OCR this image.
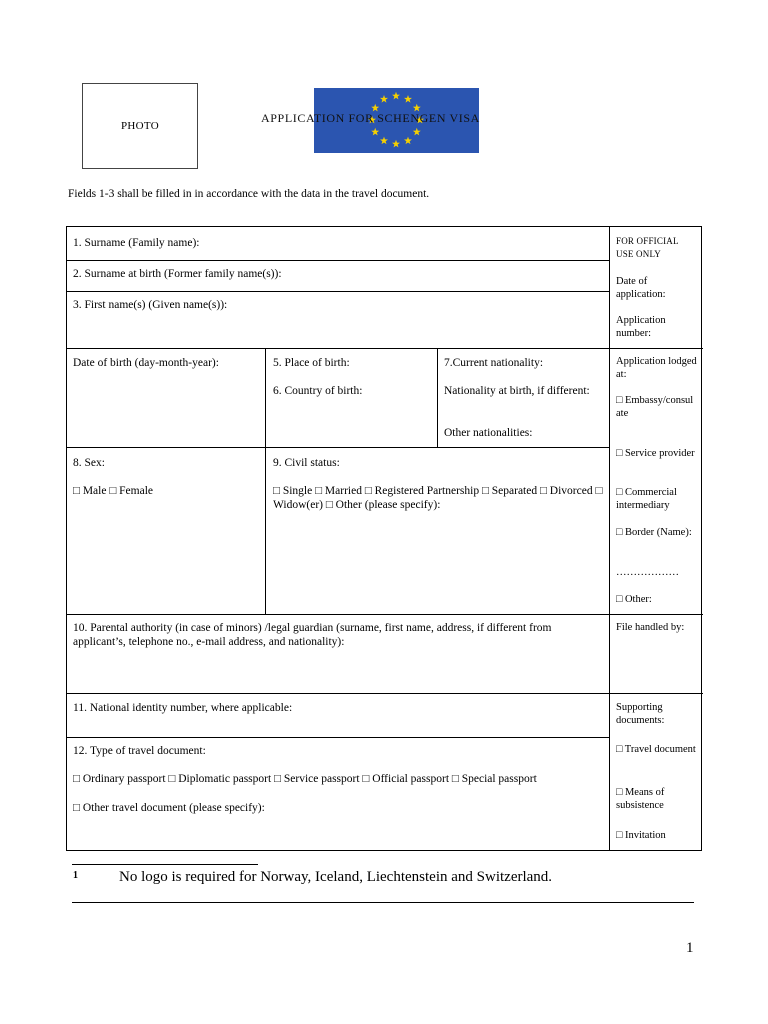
PHOTO
APPLICATION FOR SCHENGEN VISA
Fields 1-3 shall be filled in in accordance with the data in the travel document.
1. Surname (Family name):
2. Surname at birth (Former family name(s)):
3. First name(s) (Given name(s)):
Date of birth (day-month-year):	5. Place of birth:
6. Country of birth:
7.Current nationality:
Nationality at birth, if different:
Other nationalities:
8. Sex:
□ Male □ Female
9. Civil status:
□ Single □ Married □ Registered Partnership □ Separated □ Divorced □ Widow(er) □ Other (please specify):
10. Parental authority (in case of minors) /legal guardian (surname, first name, address, if different from applicant’s, telephone no., e-mail address, and nationality):
11. National identity number, where applicable:
12. Type of travel document:
□ Ordinary passport □ Diplomatic passport □ Service passport □ Official passport □ Special passport
□ Other travel document (please specify):
FOR OFFICIAL USE ONLY
Date of application:
Application number:
Application lodged at:
□ Embassy/consulate
□ Service provider
□ Commercial intermediary
□ Border (Name):
………………
□ Other:
File handled by:
Supporting documents:
□ Travel document
□ Means of subsistence
□ Invitation
1	No logo is required for Norway, Iceland, Liechtenstein and Switzerland.
1
